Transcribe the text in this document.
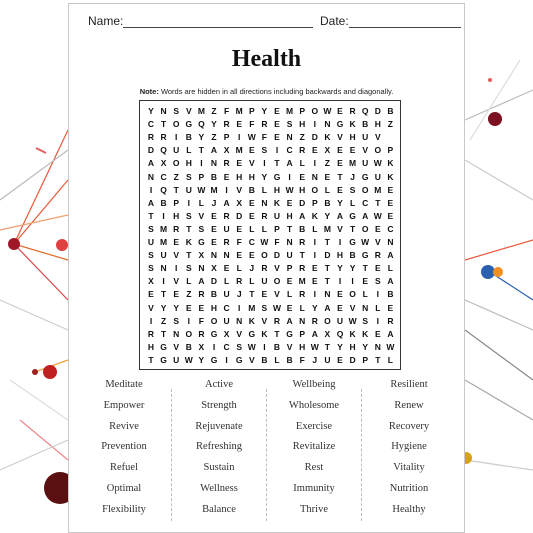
Name:	Date:
Health
Note: Words are hidden in all directions including backwards and diagonally.
Y N S V M Z F M P Y E M P O W E R Q D B
C T O G Q Y R E F R E S H I N G K B H Z
R R I B Y Z P	I W F E N Z D K V H U V
D Q U L T A X M E S	I C R E X E E V O P
A X O H I N R E V	I	T A L	I	Z E M U W K
N C Z S P B E H H Y G I	E N E T J G U K
I Q T U W M I	V B L H W H O L E S O M E
A B P	I	L J A X E N K E D P B Y L C T E
T	I H S V E R D E R U H A K Y A G A W E
S M R T S E U E L L P T B L M V T O E C
U M E K G E R F C W F N R I	T	I G W V N
S U V T X N N E E O D U T	I D H B G R A
S N I	S N X E L J R V P R E T Y Y T E L
X	I	V L A D L R L U O E M E T	I	I	E S A
E T E Z R B U J T E V L R I N E O L	I B
V Y Y E E H C I M S W E L Y A E V N L E
I	Z S	I	F O U N K V R A N R O U W S	I R
R T N O R G X V G K T G P A X Q K K E A
H G V B X	I C S W I B V H W T Y H Y N W
T G U W Y G I G V B L B F J U E D P T L
Meditate
Empower
Revive
Prevention
Refuel
Optimal
Flexibility
Active
Strength
Rejuvenate
Refreshing
Sustain
Wellness
Balance
Wellbeing
Wholesome
Exercise
Revitalize
Rest
Immunity
Thrive
Resilient
Renew
Recovery
Hygiene
Vitality
Nutrition
Healthy
